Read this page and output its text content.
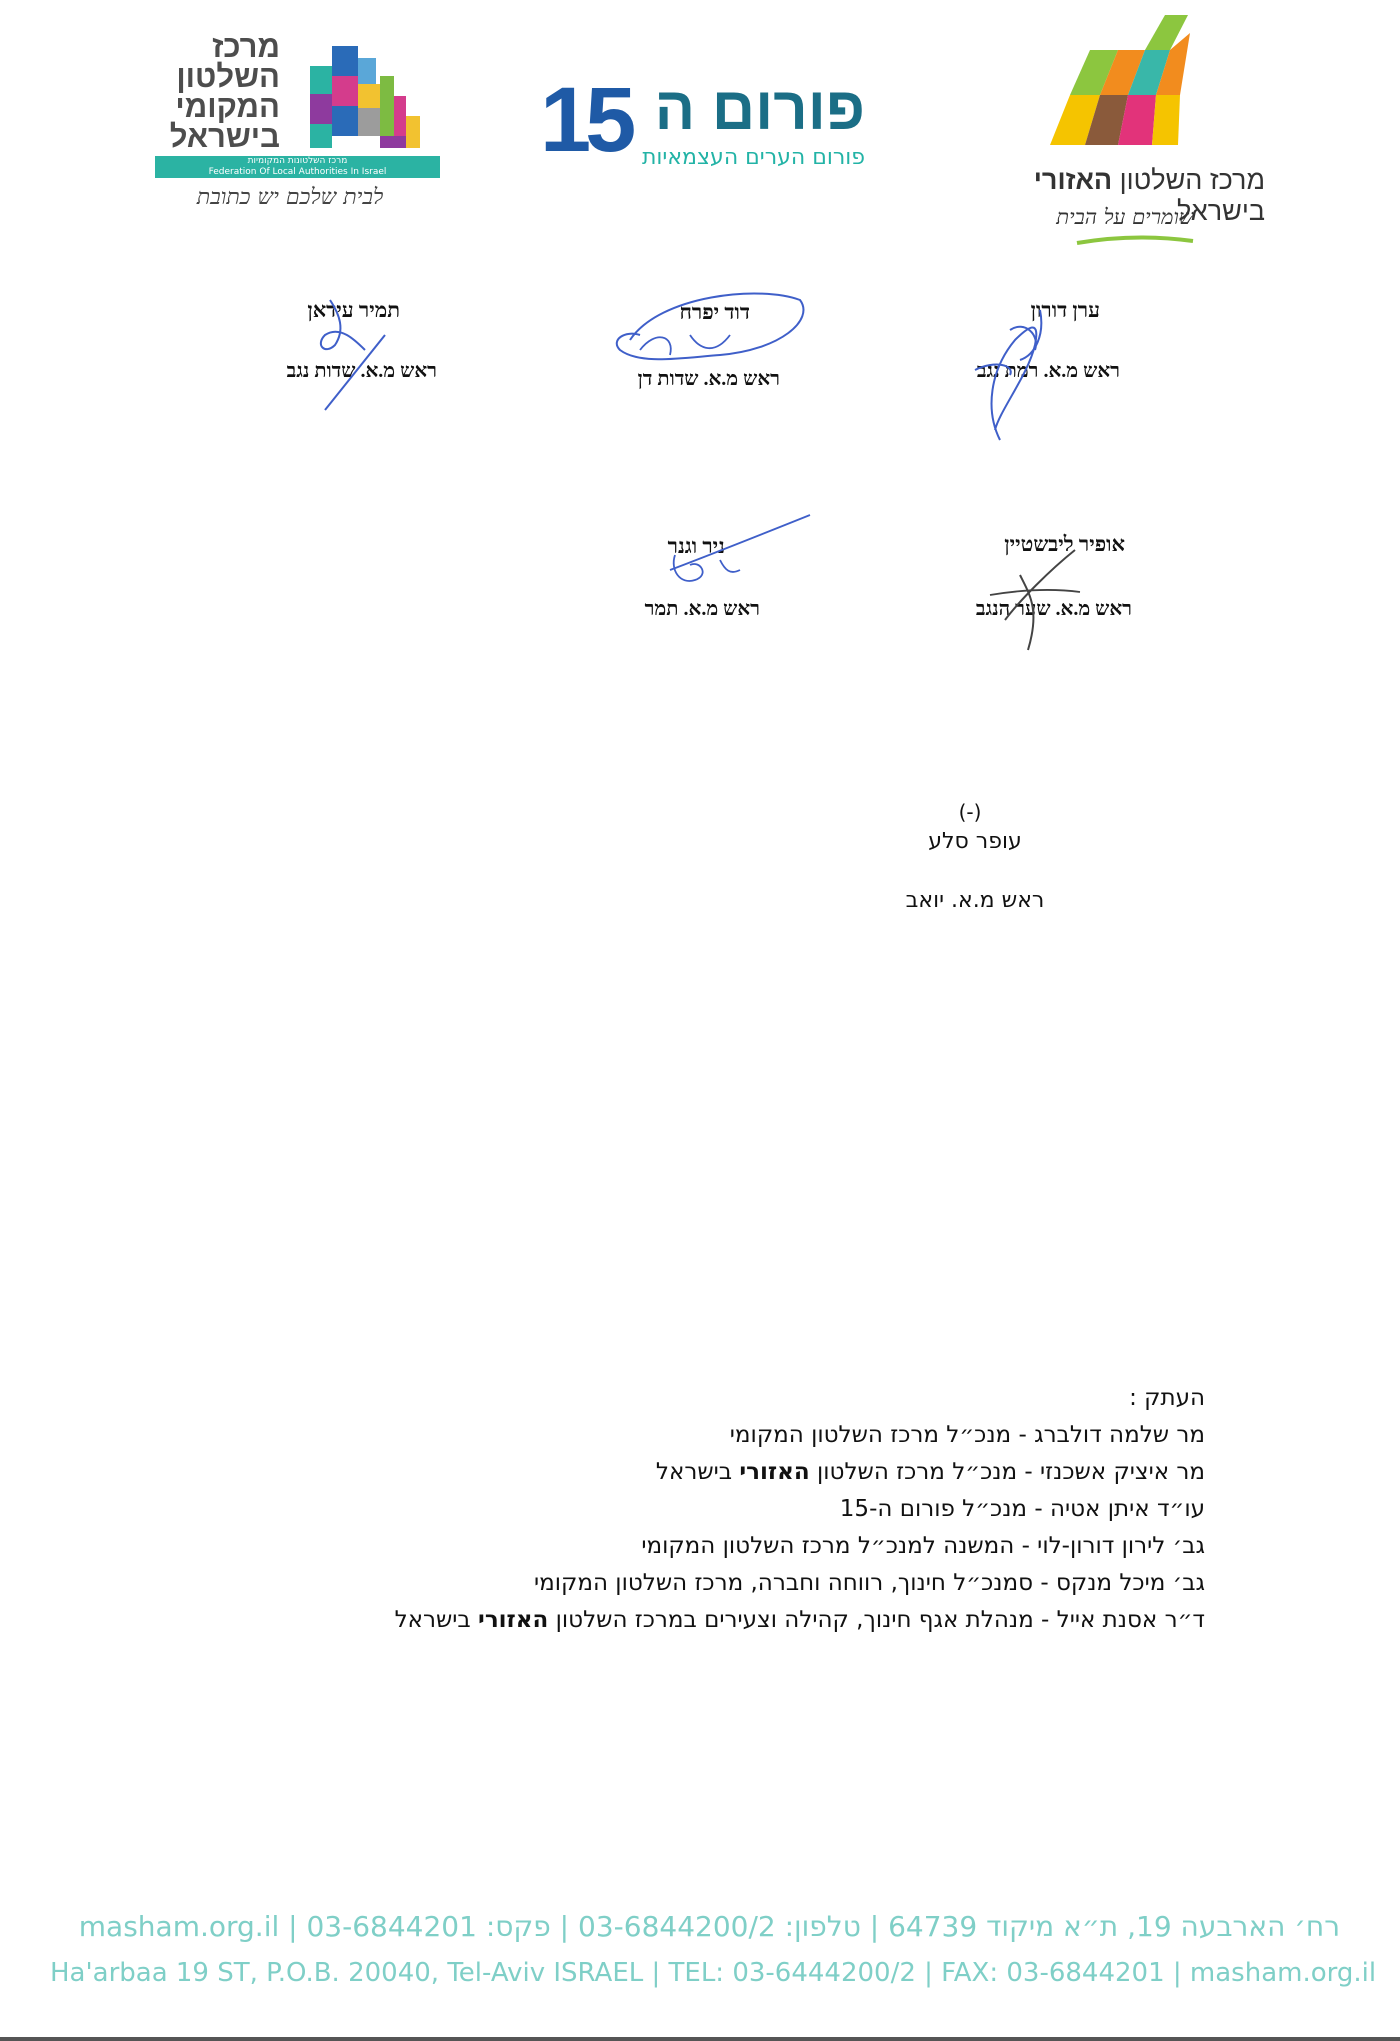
מרכז
השלטון
המקומי
בישראל
מרכז השלטונות המקומיות
Federation Of Local Authorities In Israel
לבית שלכם יש כתובת
15 פורום ה
פורום הערים העצמאיות
מרכז השלטון האזורי בישראל
שומרים על הבית
ערן דורון
ראש מ.א. רמת נגב
דוד יפרח
ראש מ.א. שדות דן
תמיר עידאן
ראש מ.א. שדות נגב
אופיר ליבשטיין
ראש מ.א. שער הנגב
ניר וגנר
ראש מ.א. תמר
(-)
עופר סלע
ראש מ.א. יואב
העתק :
מר שלמה דולברג - מנכ״ל מרכז השלטון המקומי
מר איציק אשכנזי - מנכ״ל מרכז השלטון האזורי בישראל
עו״ד איתן אטיה - מנכ״ל פורום ה-15
גב׳ לירון דורון-לוי - המשנה למנכ״ל מרכז השלטון המקומי
גב׳ מיכל מנקס - סמנכ״ל חינוך, רווחה וחברה, מרכז השלטון המקומי
ד״ר אסנת אייל - מנהלת אגף חינוך, קהילה וצעירים במרכז השלטון האזורי בישראל
רח׳ הארבעה 19, ת״א מיקוד 64739 | טלפון: 03-6844200/2 | פקס: 03-6844201 | masham.org.il
Ha'arbaa 19 ST, P.O.B. 20040, Tel-Aviv ISRAEL | TEL: 03-6444200/2 | FAX: 03-6844201 | masham.org.il
